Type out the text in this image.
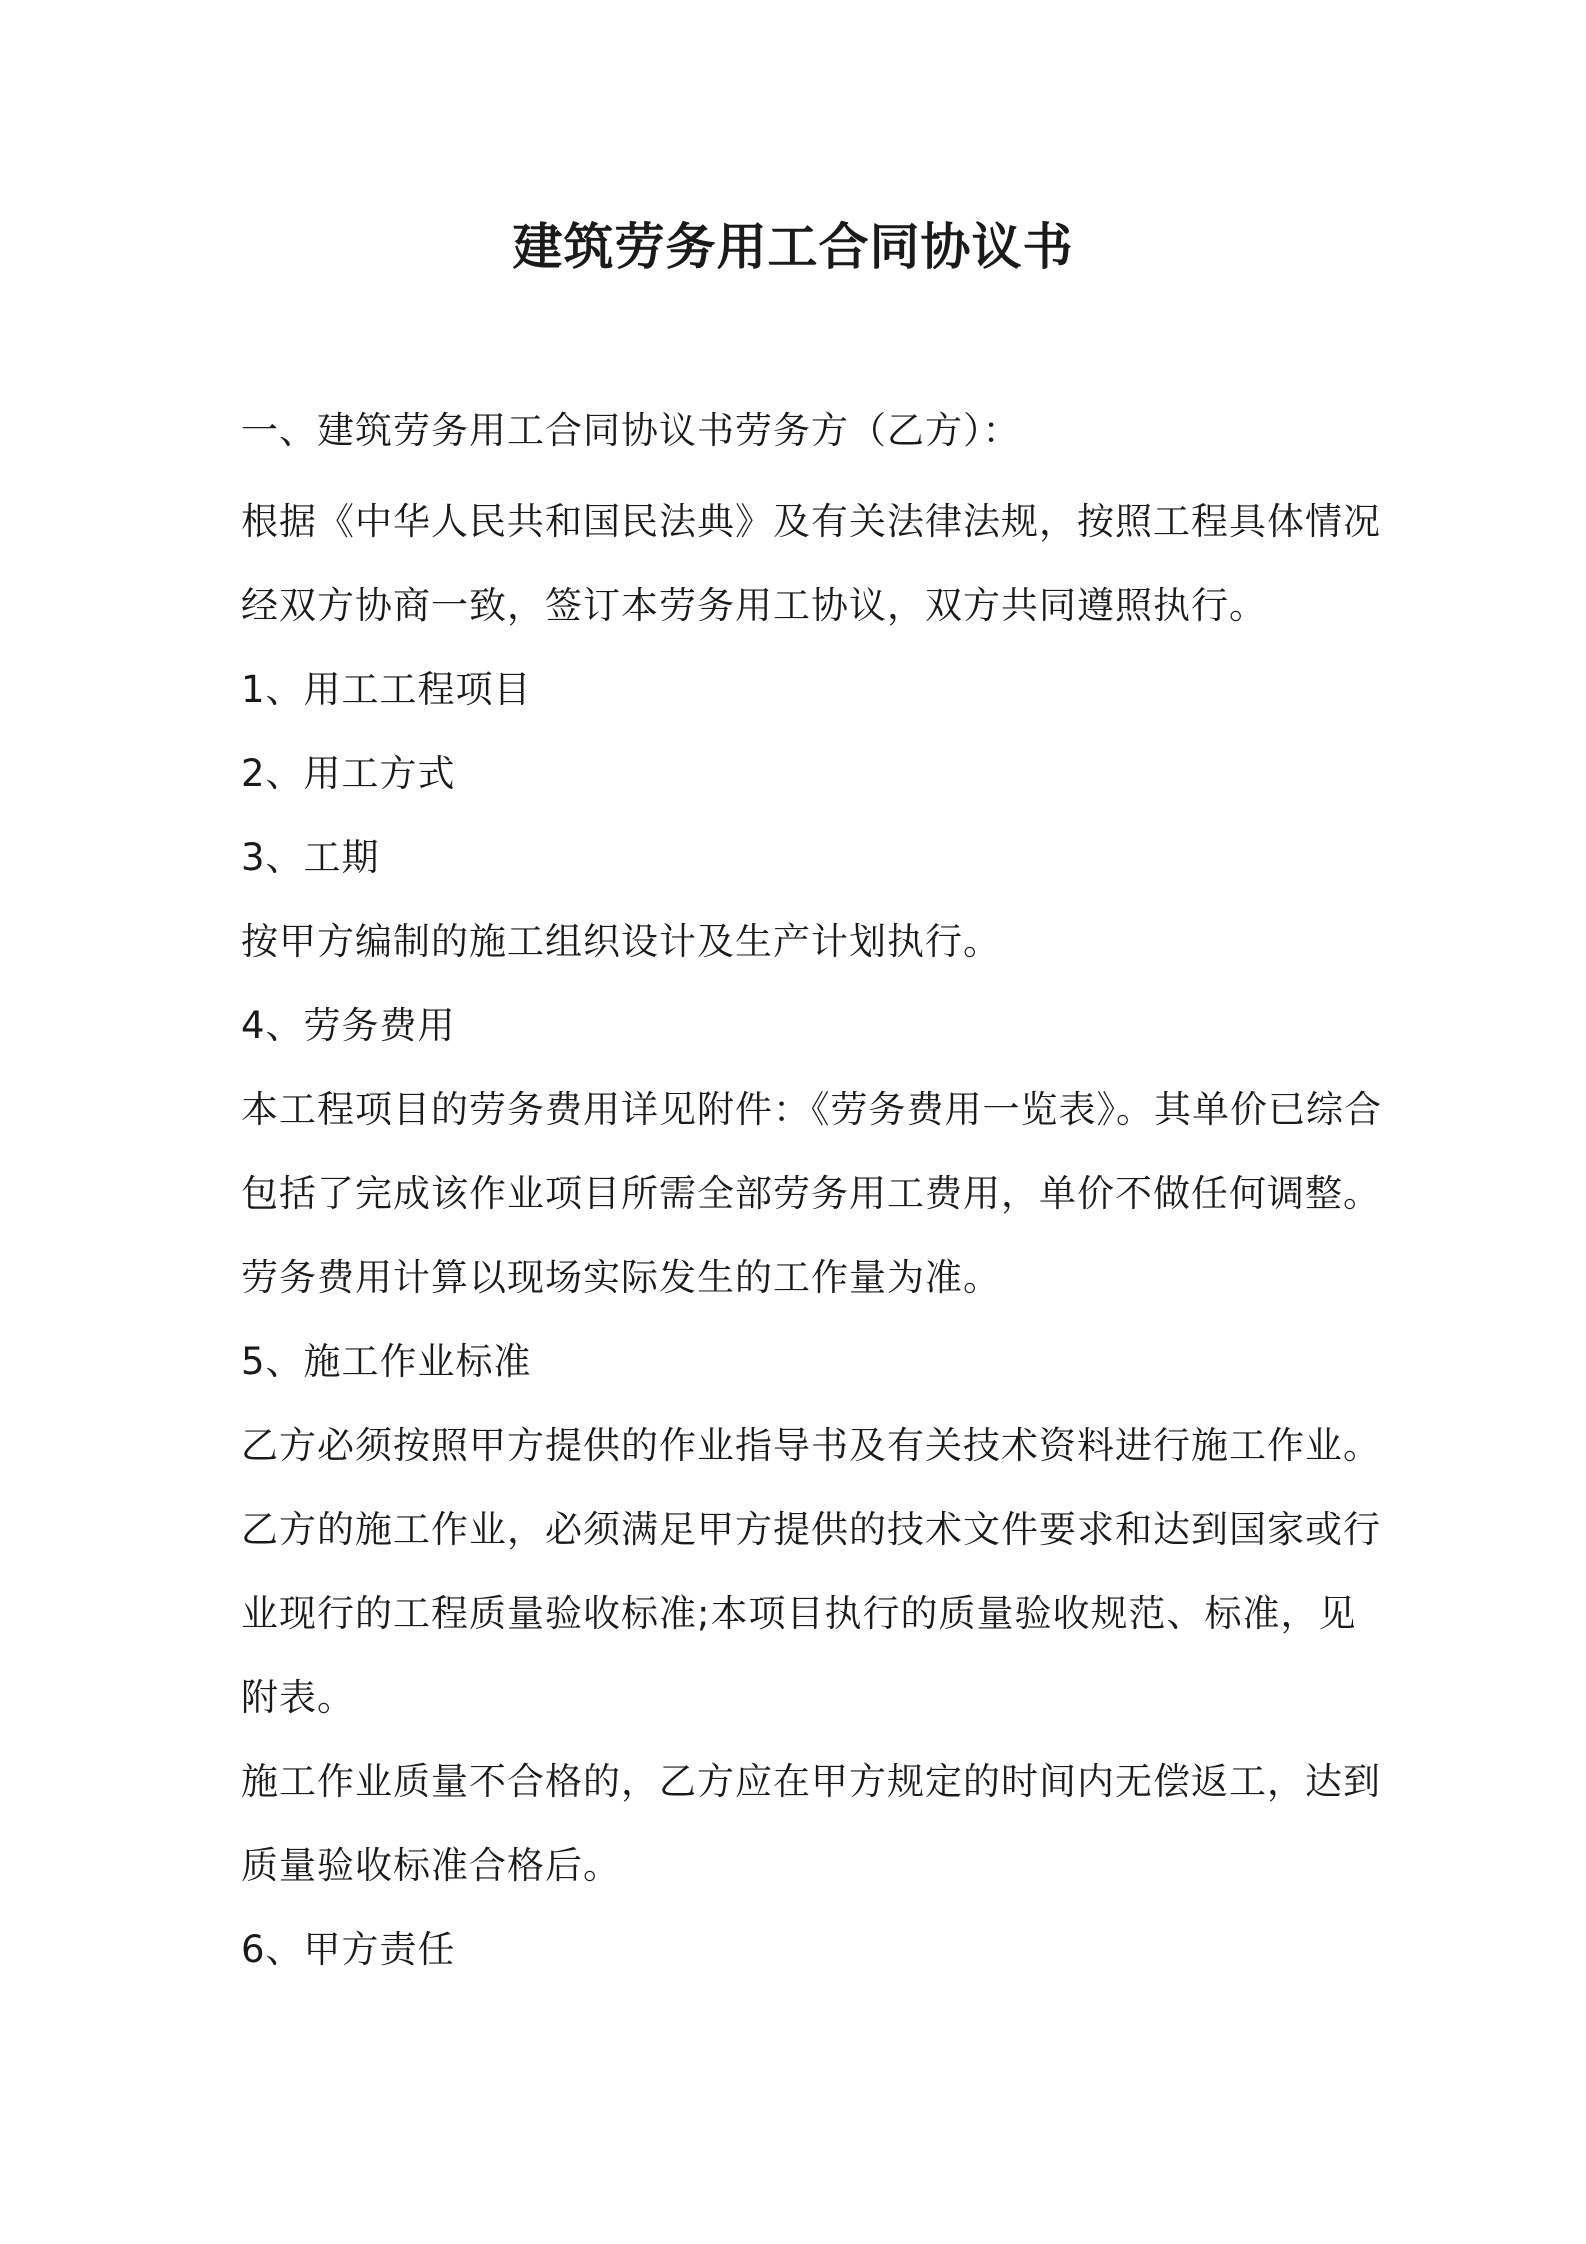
建筑劳务用工合同协议书

一、建筑劳务用工合同协议书劳务方（乙方）：

根据《中华人民共和国民法典》及有关法律法规，按照工程具体情况

经双方协商一致，签订本劳务用工协议，双方共同遵照执行。

1、用工工程项目

2、用工方式

3、工期

按甲方编制的施工组织设计及生产计划执行。

4、劳务费用

本工程项目的劳务费用详见附件：《劳务费用一览表》。其单价已综合

包括了完成该作业项目所需全部劳务用工费用，单价不做任何调整。

劳务费用计算以现场实际发生的工作量为准。

5、施工作业标准

乙方必须按照甲方提供的作业指导书及有关技术资料进行施工作业。

乙方的施工作业，必须满足甲方提供的技术文件要求和达到国家或行

业现行的工程质量验收标准;本项目执行的质量验收规范、标准，见

附表。

施工作业质量不合格的，乙方应在甲方规定的时间内无偿返工，达到

质量验收标准合格后。

6、甲方责任
